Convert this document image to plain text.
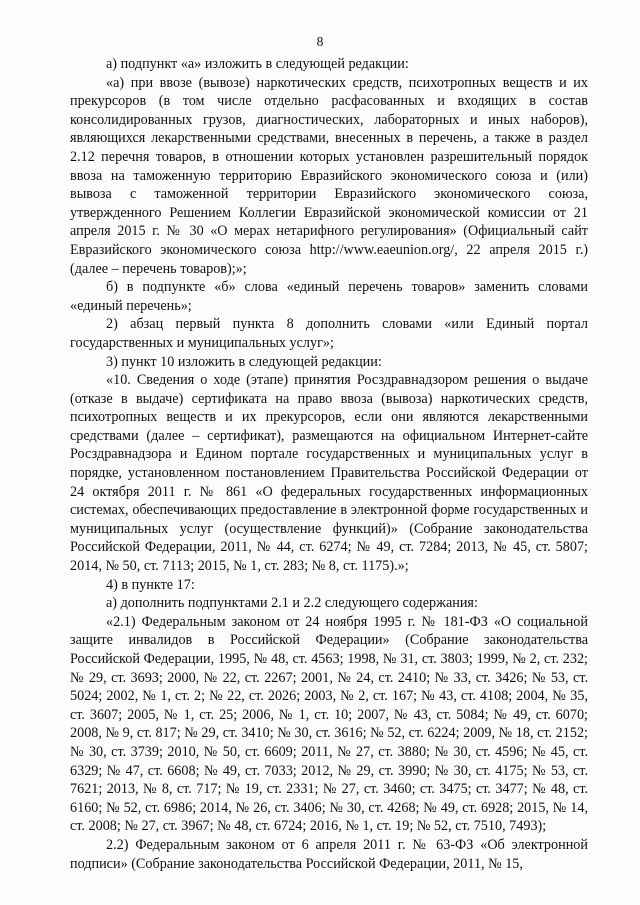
8

а) подпункт «а» изложить в следующей редакции:

«а) при ввозе (вывозе) наркотических средств, психотропных веществ и их прекурсоров (в том числе отдельно расфасованных и входящих в состав консолидированных грузов, диагностических, лабораторных и иных наборов), являющихся лекарственными средствами, внесенных в перечень, а также в раздел 2.12 перечня товаров, в отношении которых установлен разрешительный порядок ввоза на таможенную территорию Евразийского экономического союза и (или) вывоза с таможенной территории Евразийского экономического союза, утвержденного Решением Коллегии Евразийской экономической комиссии от 21 апреля 2015 г. № 30 «О мерах нетарифного регулирования» (Официальный сайт Евразийского экономического союза http://www.eaeunion.org/, 22 апреля 2015 г.) (далее – перечень товаров);»;

б) в подпункте «б» слова «единый перечень товаров» заменить словами «единый перечень»;

2) абзац первый пункта 8 дополнить словами «или Единый портал государственных и муниципальных услуг»;

3) пункт 10 изложить в следующей редакции:

«10. Сведения о ходе (этапе) принятия Росздравнадзором решения о выдаче (отказе в выдаче) сертификата на право ввоза (вывоза) наркотических средств, психотропных веществ и их прекурсоров, если они являются лекарственными средствами (далее – сертификат), размещаются на официальном Интернет-сайте Росздравнадзора и Едином портале государственных и муниципальных услуг в порядке, установленном постановлением Правительства Российской Федерации от 24 октября 2011 г. № 861 «О федеральных государственных информационных системах, обеспечивающих предоставление в электронной форме государственных и муниципальных услуг (осуществление функций)» (Собрание законодательства Российской Федерации, 2011, № 44, ст. 6274; № 49, ст. 7284; 2013, № 45, ст. 5807; 2014, № 50, ст. 7113; 2015, № 1, ст. 283; № 8, ст. 1175).»;

4) в пункте 17:

а) дополнить подпунктами 2.1 и 2.2 следующего содержания:

«2.1) Федеральным законом от 24 ноября 1995 г. № 181-ФЗ «О социальной защите инвалидов в Российской Федерации» (Собрание законодательства Российской Федерации, 1995, № 48, ст. 4563; 1998, № 31, ст. 3803; 1999, № 2, ст. 232; № 29, ст. 3693; 2000, № 22, ст. 2267; 2001, № 24, ст. 2410; № 33, ст. 3426; № 53, ст. 5024; 2002, № 1, ст. 2; № 22, ст. 2026; 2003, № 2, ст. 167; № 43, ст. 4108; 2004, № 35, ст. 3607; 2005, № 1, ст. 25; 2006, № 1, ст. 10; 2007, № 43, ст. 5084; № 49, ст. 6070; 2008, № 9, ст. 817; № 29, ст. 3410; № 30, ст. 3616; № 52, ст. 6224; 2009, № 18, ст. 2152; № 30, ст. 3739; 2010, № 50, ст. 6609; 2011, № 27, ст. 3880; № 30, ст. 4596; № 45, ст. 6329; № 47, ст. 6608; № 49, ст. 7033; 2012, № 29, ст. 3990; № 30, ст. 4175; № 53, ст. 7621; 2013, № 8, ст. 717; № 19, ст. 2331; № 27, ст. 3460; ст. 3475; ст. 3477; № 48, ст. 6160; № 52, ст. 6986; 2014, № 26, ст. 3406; № 30, ст. 4268; № 49, ст. 6928; 2015, № 14, ст. 2008; № 27, ст. 3967; № 48, ст. 6724; 2016, № 1, ст. 19; № 52, ст. 7510, 7493);

2.2) Федеральным законом от 6 апреля 2011 г. № 63-ФЗ «Об электронной подписи» (Собрание законодательства Российской Федерации, 2011, № 15,
